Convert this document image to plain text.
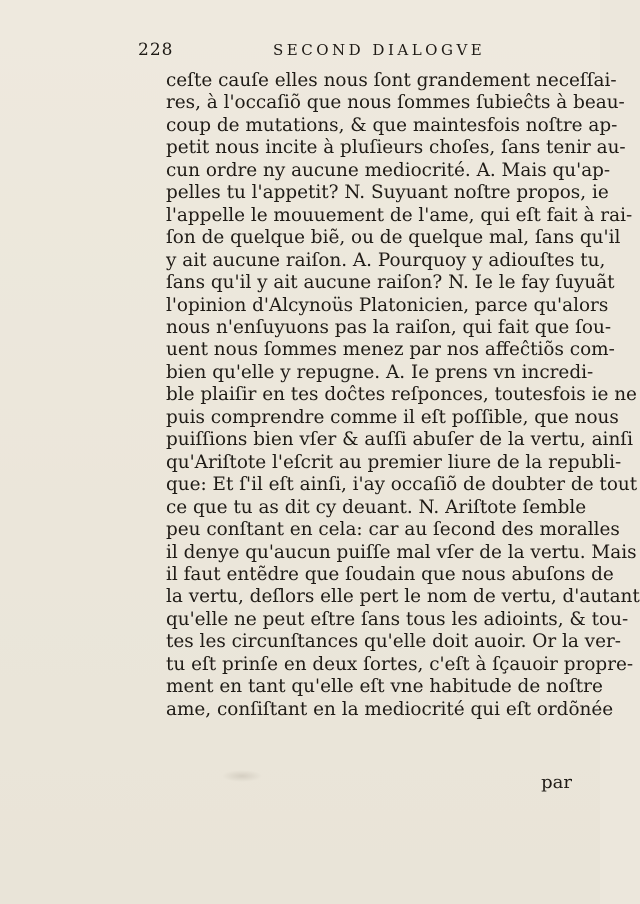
228	SECOND DIALOGVE
ceſte cauſe elles nous ſont grandement neceſſai-
res, à l'occaſiõ que nous ſommes ſubieĉts à beau-
coup de mutations, & que maintesfois noſtre ap-
petit nous incite à pluſieurs choſes, ſans tenir au-
cun ordre ny aucune mediocrité. A. Mais qu'ap-
pelles tu l'appetit? N. Suyuant noſtre propos, ie
l'appelle le mouuement de l'ame, qui eſt fait à rai-
ſon de quelque biẽ, ou de quelque mal, ſans qu'il
y ait aucune raiſon. A. Pourquoy y adiouſtes tu,
ſans qu'il y ait aucune raiſon? N. Ie le fay ſuyuãt
l'opinion d'Alcynoüs Platonicien, parce qu'alors
nous n'enſuyuons pas la raiſon, qui fait que ſou-
uent nous ſommes menez par nos affeĉtiõs com-
bien qu'elle y repugne. A. Ie prens vn incredi-
ble plaiſir en tes doĉtes reſponces, toutesfois ie ne
puis comprendre comme il eſt poſſible, que nous
puiſſions bien vſer & auſſi abuſer de la vertu, ainſi
qu'Ariſtote l'eſcrit au premier liure de la republi-
que: Et ſ'il eſt ainſi, i'ay occaſiõ de doubter de tout
ce que tu as dit cy deuant. N. Ariſtote ſemble
peu conſtant en cela: car au ſecond des moralles
il denye qu'aucun puiſſe mal vſer de la vertu. Mais
il faut entẽdre que ſoudain que nous abuſons de
la vertu, deſlors elle pert le nom de vertu, d'autant
qu'elle ne peut eſtre ſans tous les adioints, & tou-
tes les circunſtances qu'elle doit auoir. Or la ver-
tu eſt prinſe en deux ſortes, c'eſt à ſçauoir propre-
ment en tant qu'elle eſt vne habitude de noſtre
ame, conſiſtant en la mediocrité qui eſt ordõnée
par
